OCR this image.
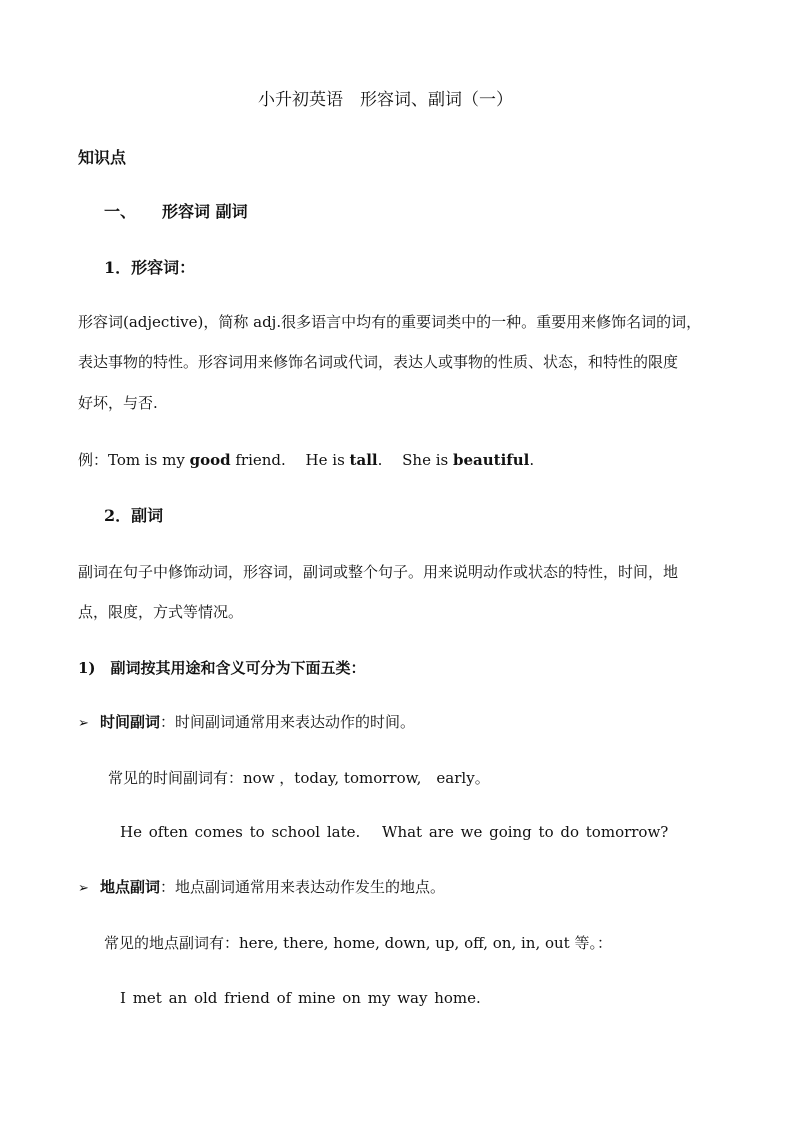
小升初英语　形容词、副词（一）
知识点
一、 形容词 副词
1．形容词：
形容词(adjective)，简称 adj.很多语言中均有的重要词类中的一种。重要用来修饰名词的词，
表达事物的特性。形容词用来修饰名词或代词，表达人或事物的性质、状态，和特性的限度
好坏，与否.
例：Tom is my good friend.　 He is tall.　 She is beautiful.
2．副词
副词在句子中修饰动词，形容词，副词或整个句子。用来说明动作或状态的特性，时间，地
点，限度，方式等情况。
1)　副词按其用途和含义可分为下面五类：
➢ 时间副词：时间副词通常用来表达动作的时间。
常见的时间副词有：now ，today, tomorrow,　early。
He often comes to school late.　 What are we going to do tomorrow?
➢ 地点副词：地点副词通常用来表达动作发生的地点。
常见的地点副词有：here, there, home, down, up, off, on, in, out 等。：
I met an old friend of mine on my way home.
